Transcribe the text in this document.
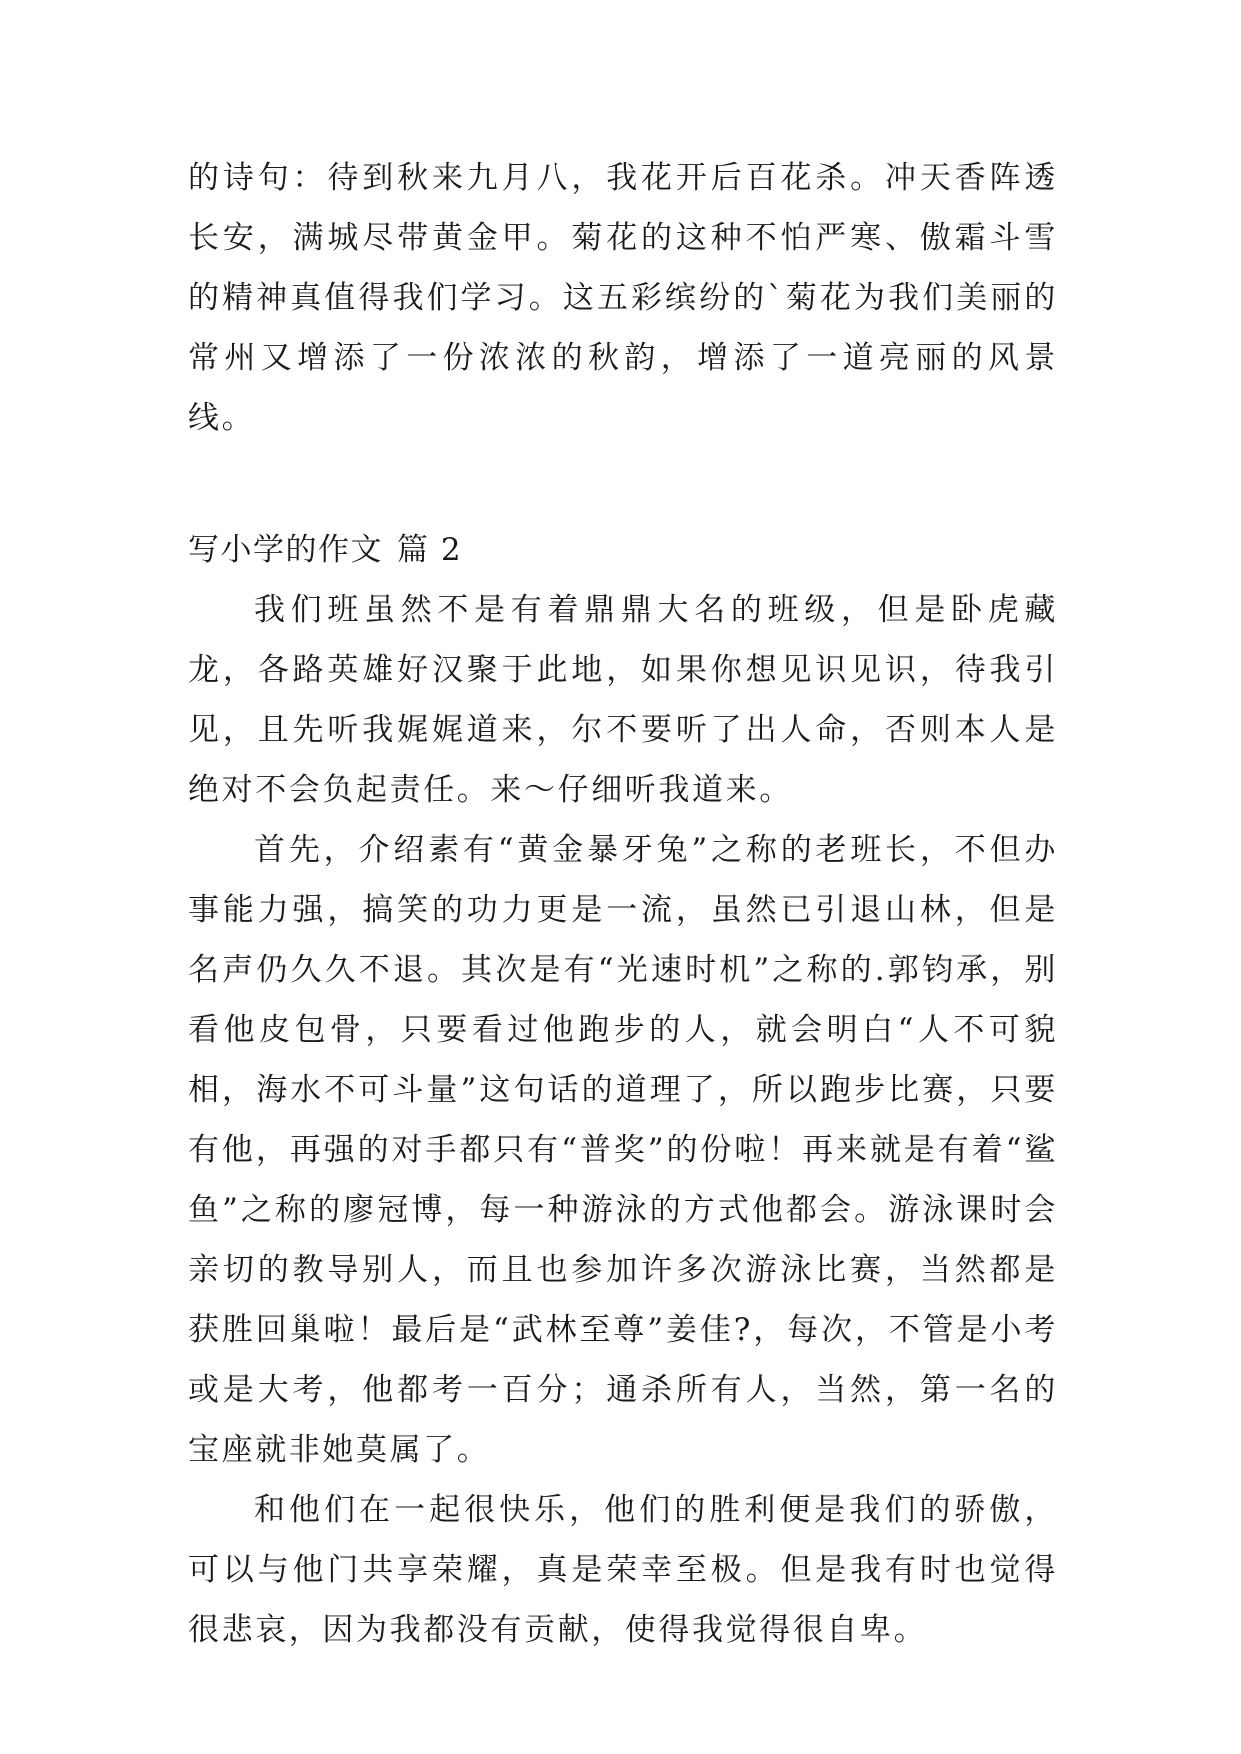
的诗句：待到秋来九月八，我花开后百花杀。冲天香阵透长安，满城尽带黄金甲。菊花的这种不怕严寒、傲霜斗雪的精神真值得我们学习。这五彩缤纷的`菊花为我们美丽的常州又增添了一份浓浓的秋韵，增添了一道亮丽的风景线。

写小学的作文 篇 2

我们班虽然不是有着鼎鼎大名的班级，但是卧虎藏龙，各路英雄好汉聚于此地，如果你想见识见识，待我引见，且先听我娓娓道来，尔不要听了出人命，否则本人是绝对不会负起责任。来～仔细听我道来。

首先，介绍素有“黄金暴牙兔”之称的老班长，不但办事能力强，搞笑的功力更是一流，虽然已引退山林，但是名声仍久久不退。其次是有“光速时机”之称的.郭钧承，别看他皮包骨，只要看过他跑步的人，就会明白“人不可貌相，海水不可斗量”这句话的道理了，所以跑步比赛，只要有他，再强的对手都只有“普奖”的份啦！再来就是有着“鲨鱼”之称的廖冠博，每一种游泳的方式他都会。游泳课时会亲切的教导别人，而且也参加许多次游泳比赛，当然都是获胜回巢啦！最后是“武林至尊”姜佳?，每次，不管是小考或是大考，他都考一百分；通杀所有人，当然，第一名的宝座就非她莫属了。

和他们在一起很快乐，他们的胜利便是我们的骄傲，可以与他门共享荣耀，真是荣幸至极。但是我有时也觉得很悲哀，因为我都没有贡献，使得我觉得很自卑。
